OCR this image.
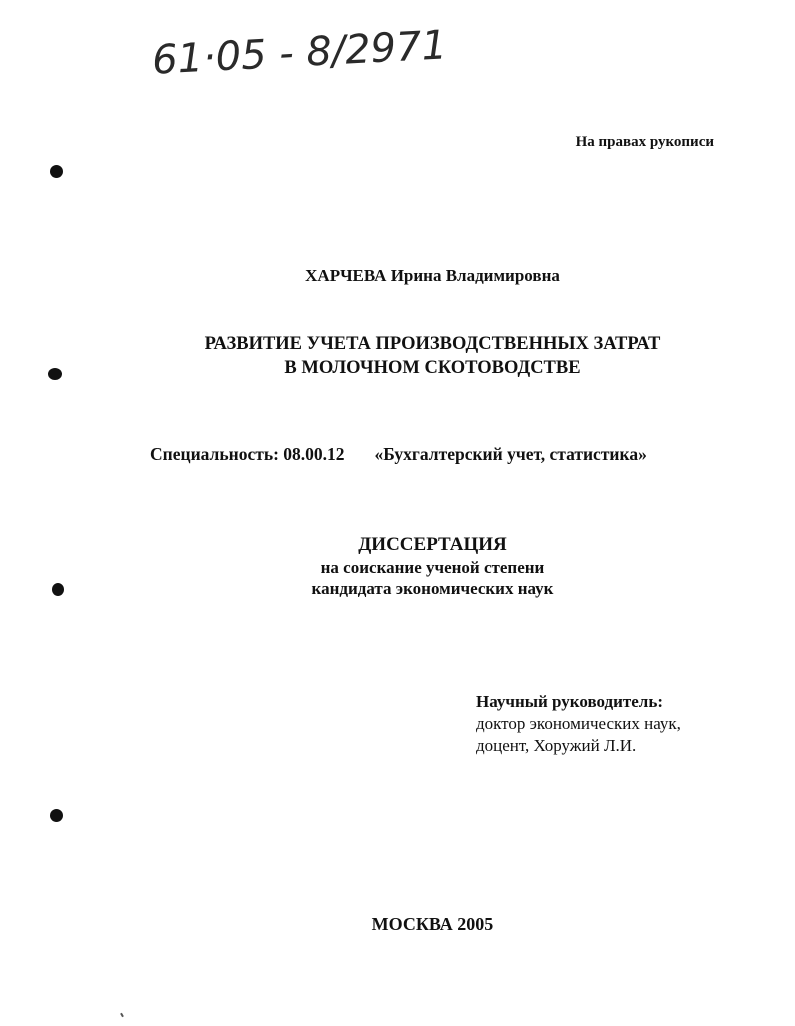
61·05 - 8/2971
На правах рукописи
ХАРЧЕВА Ирина Владимировна
РАЗВИТИЕ УЧЕТА ПРОИЗВОДСТВЕННЫХ ЗАТРАТ
В МОЛОЧНОМ СКОТОВОДСТВЕ
Специальность: 08.00.12 «Бухгалтерский учет, статистика»
ДИССЕРТАЦИЯ
на соискание ученой степени
кандидата экономических наук
Научный руководитель:
доктор экономических наук,
доцент, Хоружий Л.И.
МОСКВА 2005
